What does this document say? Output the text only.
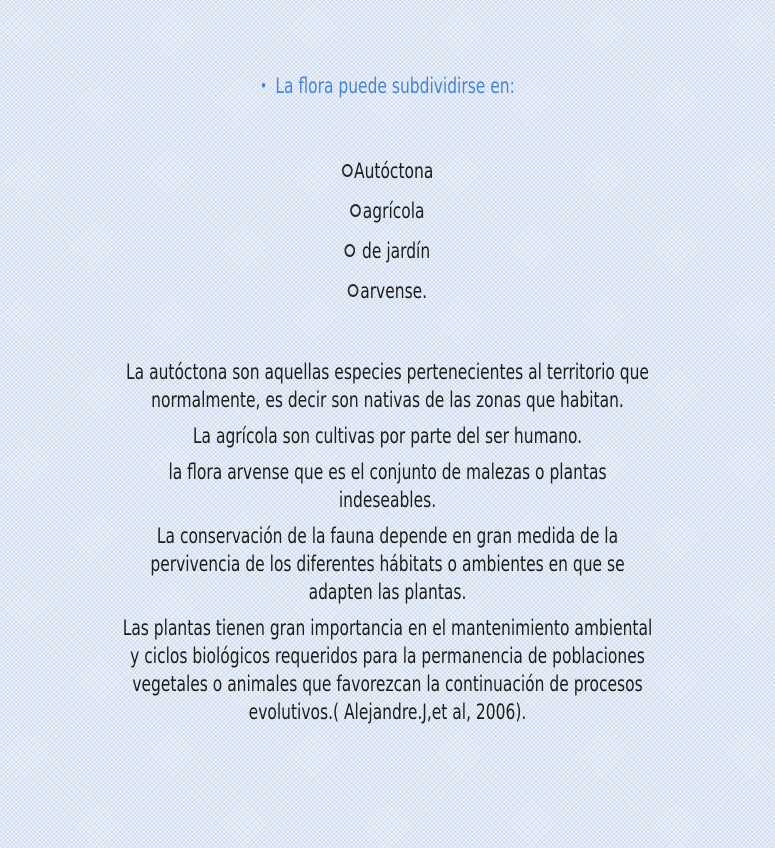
• La flora puede subdividirse en:
Autóctona
agrícola
de jardín
arvense.

La autóctona son aquellas especies pertenecientes al territorio que
normalmente, es decir son nativas de las zonas que habitan.

La agrícola son cultivas por parte del ser humano.

la flora arvense que es el conjunto de malezas o plantas
indeseables.

La conservación de la fauna depende en gran medida de la
pervivencia de los diferentes hábitats o ambientes en que se
adapten las plantas.

Las plantas tienen gran importancia en el mantenimiento ambiental
y ciclos biológicos requeridos para la permanencia de poblaciones
vegetales o animales que favorezcan la continuación de procesos
evolutivos.( Alejandre.J,et al, 2006).
